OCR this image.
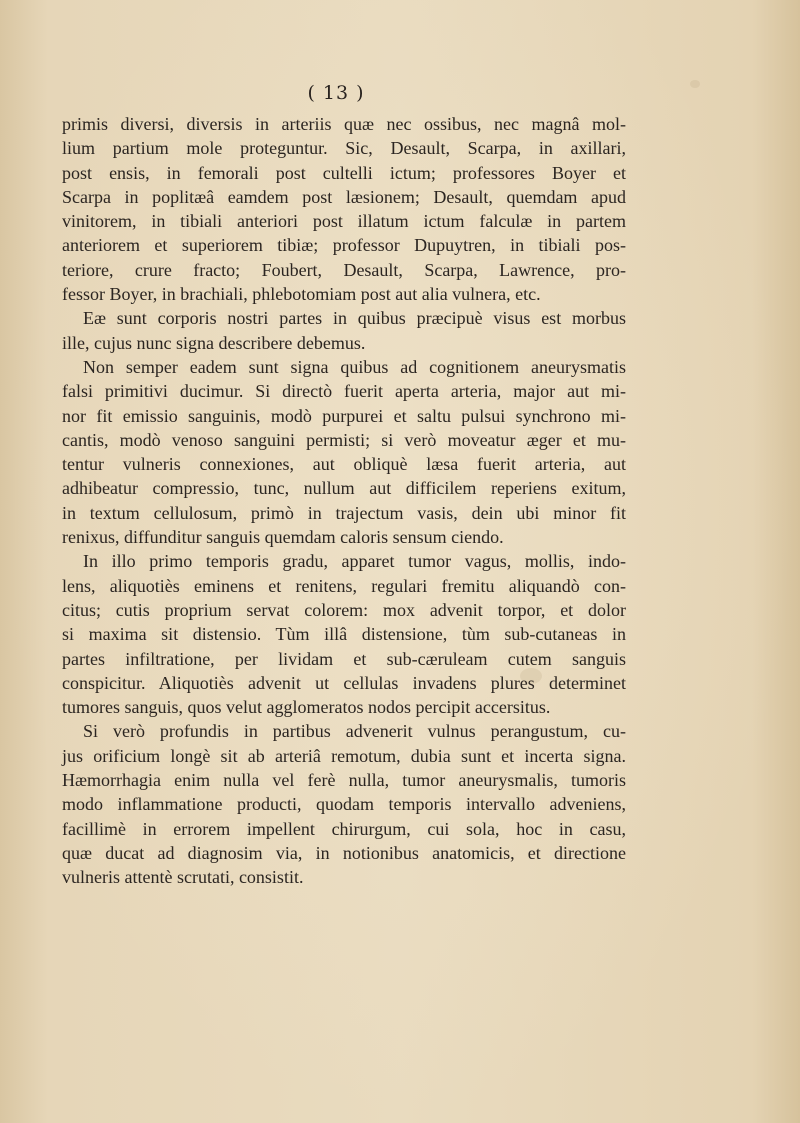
( 13 )
primis diversi, diversis in arteriis quæ nec ossibus, nec magnâ mol-
lium partium mole proteguntur. Sic, Desault, Scarpa, in axillari,
post ensis, in femorali post cultelli ictum; professores Boyer et
Scarpa in poplitæâ eamdem post læsionem; Desault, quemdam apud
vinitorem, in tibiali anteriori post illatum ictum falculæ in partem
anteriorem et superiorem tibiæ; professor Dupuytren, in tibiali pos-
teriore, crure fracto; Foubert, Desault, Scarpa, Lawrence, pro-
fessor Boyer, in brachiali, phlebotomiam post aut alia vulnera, etc.
Eæ sunt corporis nostri partes in quibus præcipuè visus est morbus
ille, cujus nunc signa describere debemus.
Non semper eadem sunt signa quibus ad cognitionem aneurysmatis
falsi primitivi ducimur. Si directò fuerit aperta arteria, major aut mi-
nor fit emissio sanguinis, modò purpurei et saltu pulsui synchrono mi-
cantis, modò venoso sanguini permisti; si verò moveatur æger et mu-
tentur vulneris connexiones, aut obliquè læsa fuerit arteria, aut
adhibeatur compressio, tunc, nullum aut difficilem reperiens exitum,
in textum cellulosum, primò in trajectum vasis, dein ubi minor fit
renixus, diffunditur sanguis quemdam caloris sensum ciendo.
In illo primo temporis gradu, apparet tumor vagus, mollis, indo-
lens, aliquotiès eminens et renitens, regulari fremitu aliquandò con-
citus; cutis proprium servat colorem: mox advenit torpor, et dolor
si maxima sit distensio. Tùm illâ distensione, tùm sub-cutaneas in
partes infiltratione, per lividam et sub-cæruleam cutem sanguis
conspicitur. Aliquotiès advenit ut cellulas invadens plures determinet
tumores sanguis, quos velut agglomeratos nodos percipit accersitus.
Si verò profundis in partibus advenerit vulnus perangustum, cu-
jus orificium longè sit ab arteriâ remotum, dubia sunt et incerta signa.
Hæmorrhagia enim nulla vel ferè nulla, tumor aneurysmalis, tumoris
modo inflammatione producti, quodam temporis intervallo adveniens,
facillimè in errorem impellent chirurgum, cui sola, hoc in casu,
quæ ducat ad diagnosim via, in notionibus anatomicis, et directione
vulneris attentè scrutati, consistit.
